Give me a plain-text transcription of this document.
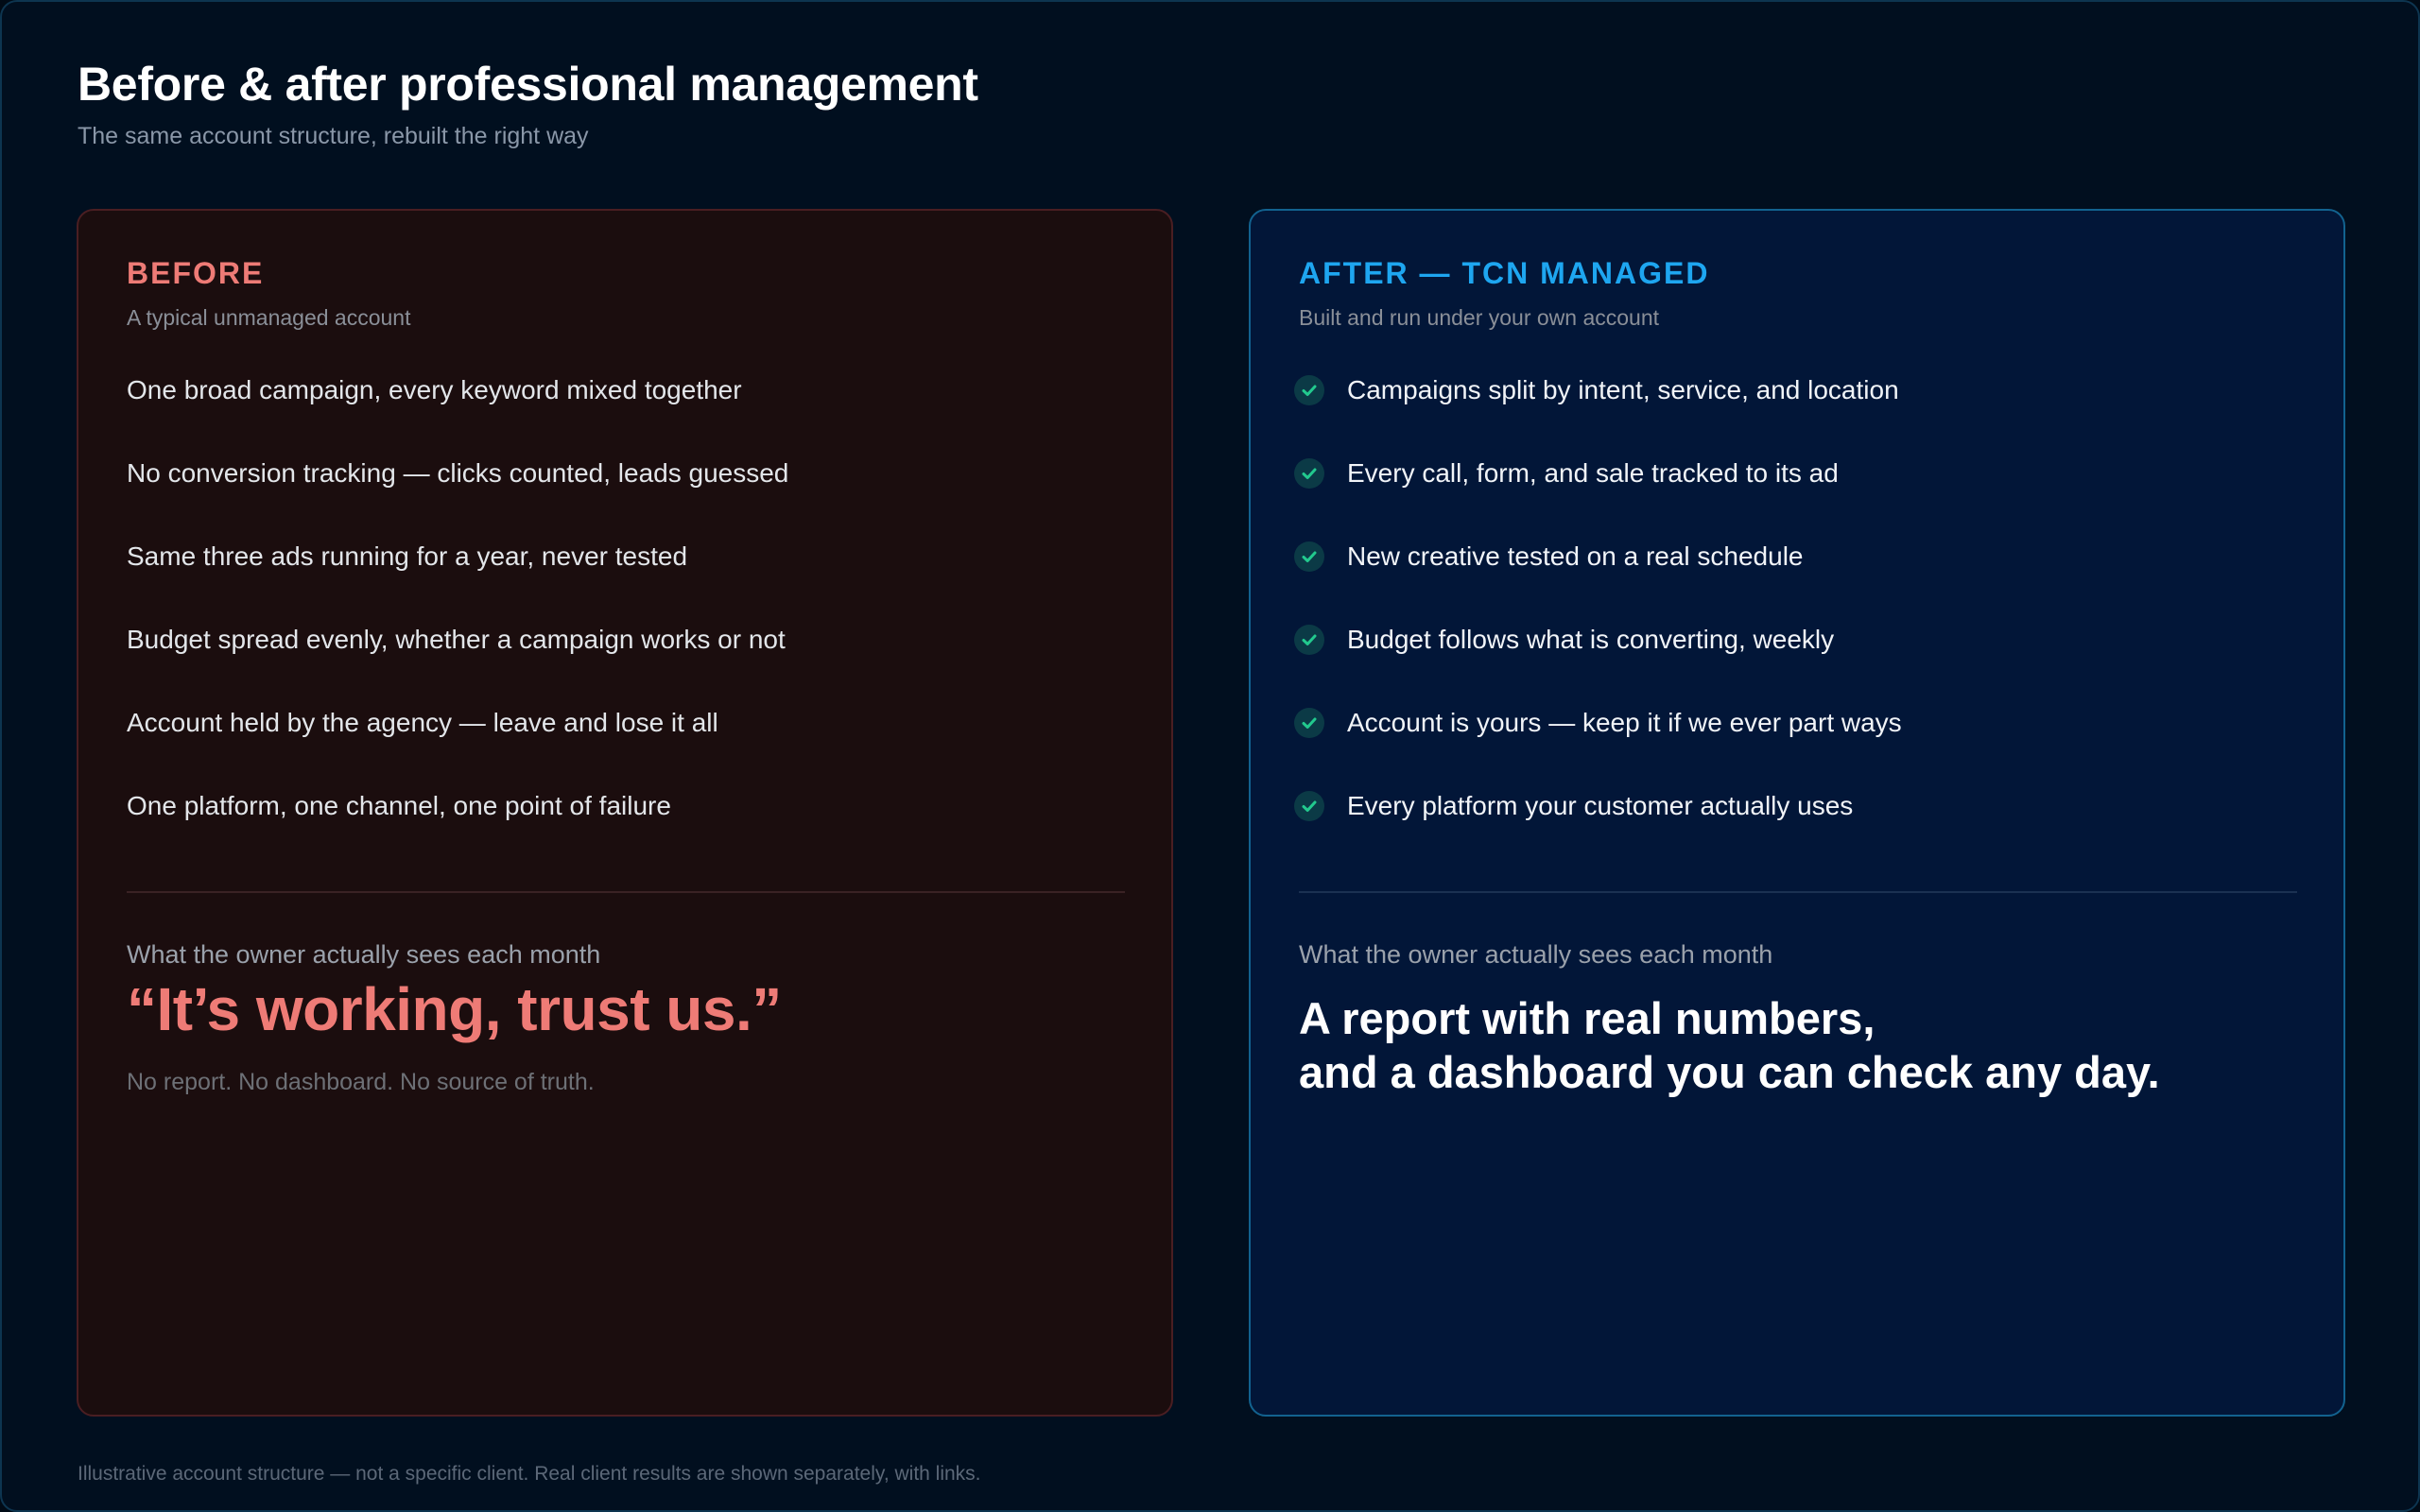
Before & after professional management

The same account structure, rebuilt the right way

BEFORE

A typical unmanaged account

One broad campaign, every keyword mixed together
No conversion tracking — clicks counted, leads guessed
Same three ads running for a year, never tested
Budget spread evenly, whether a campaign works or not
Account held by the agency — leave and lose it all
One platform, one channel, one point of failure

What the owner actually sees each month

“It’s working, trust us.”

No report. No dashboard. No source of truth.

AFTER — TCN MANAGED

Built and run under your own account

Campaigns split by intent, service, and location
Every call, form, and sale tracked to its ad
New creative tested on a real schedule
Budget follows what is converting, weekly
Account is yours — keep it if we ever part ways
Every platform your customer actually uses

What the owner actually sees each month

A report with real numbers,
and a dashboard you can check any day.

Illustrative account structure — not a specific client. Real client results are shown separately, with links.
